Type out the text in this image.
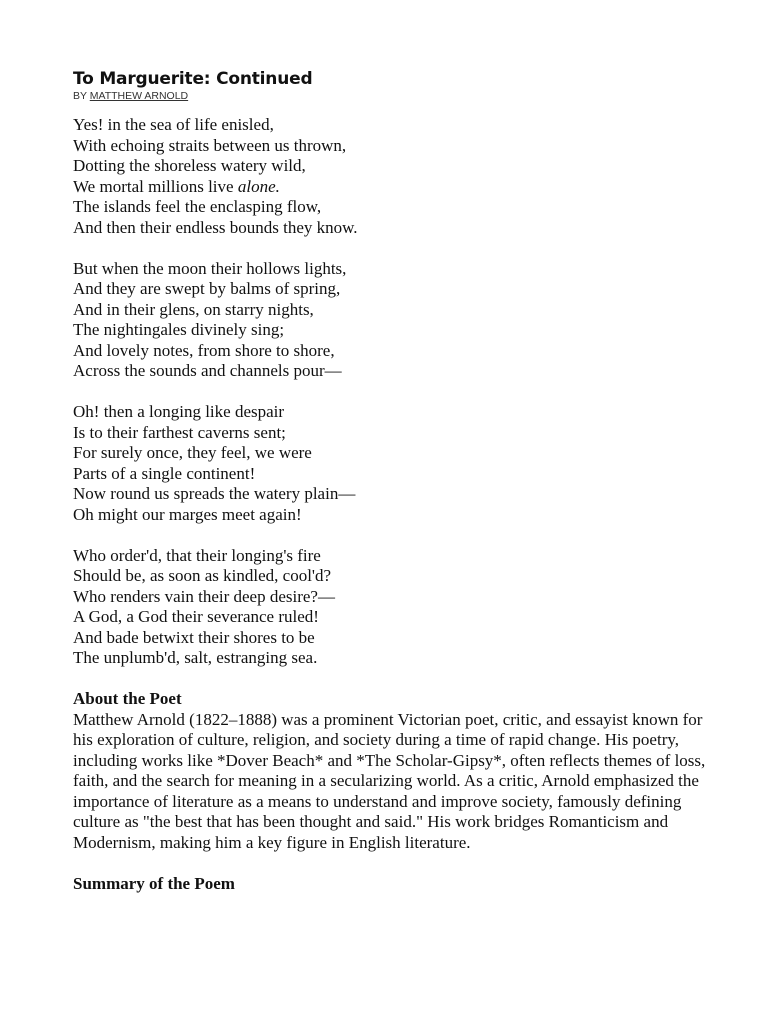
To Marguerite: Continued

BY MATTHEW ARNOLD

Yes! in the sea of life enisled,
With echoing straits between us thrown,
Dotting the shoreless watery wild,
We mortal millions live alone.
The islands feel the enclasping flow,
And then their endless bounds they know.
But when the moon their hollows lights,
And they are swept by balms of spring,
And in their glens, on starry nights,
The nightingales divinely sing;
And lovely notes, from shore to shore,
Across the sounds and channels pour—
Oh! then a longing like despair
Is to their farthest caverns sent;
For surely once, they feel, we were
Parts of a single continent!
Now round us spreads the watery plain—
Oh might our marges meet again!
Who order'd, that their longing's fire
Should be, as soon as kindled, cool'd?
Who renders vain their deep desire?—
A God, a God their severance ruled!
And bade betwixt their shores to be
The unplumb'd, salt, estranging sea.
About the Poet

Matthew Arnold (1822–1888) was a prominent Victorian poet, critic, and essayist known for his exploration of culture, religion, and society during a time of rapid change. His poetry, including works like *Dover Beach* and *The Scholar-Gipsy*, often reflects themes of loss, faith, and the search for meaning in a secularizing world. As a critic, Arnold emphasized the importance of literature as a means to understand and improve society, famously defining culture as "the best that has been thought and said." His work bridges Romanticism and Modernism, making him a key figure in English literature.

Summary of the Poem
